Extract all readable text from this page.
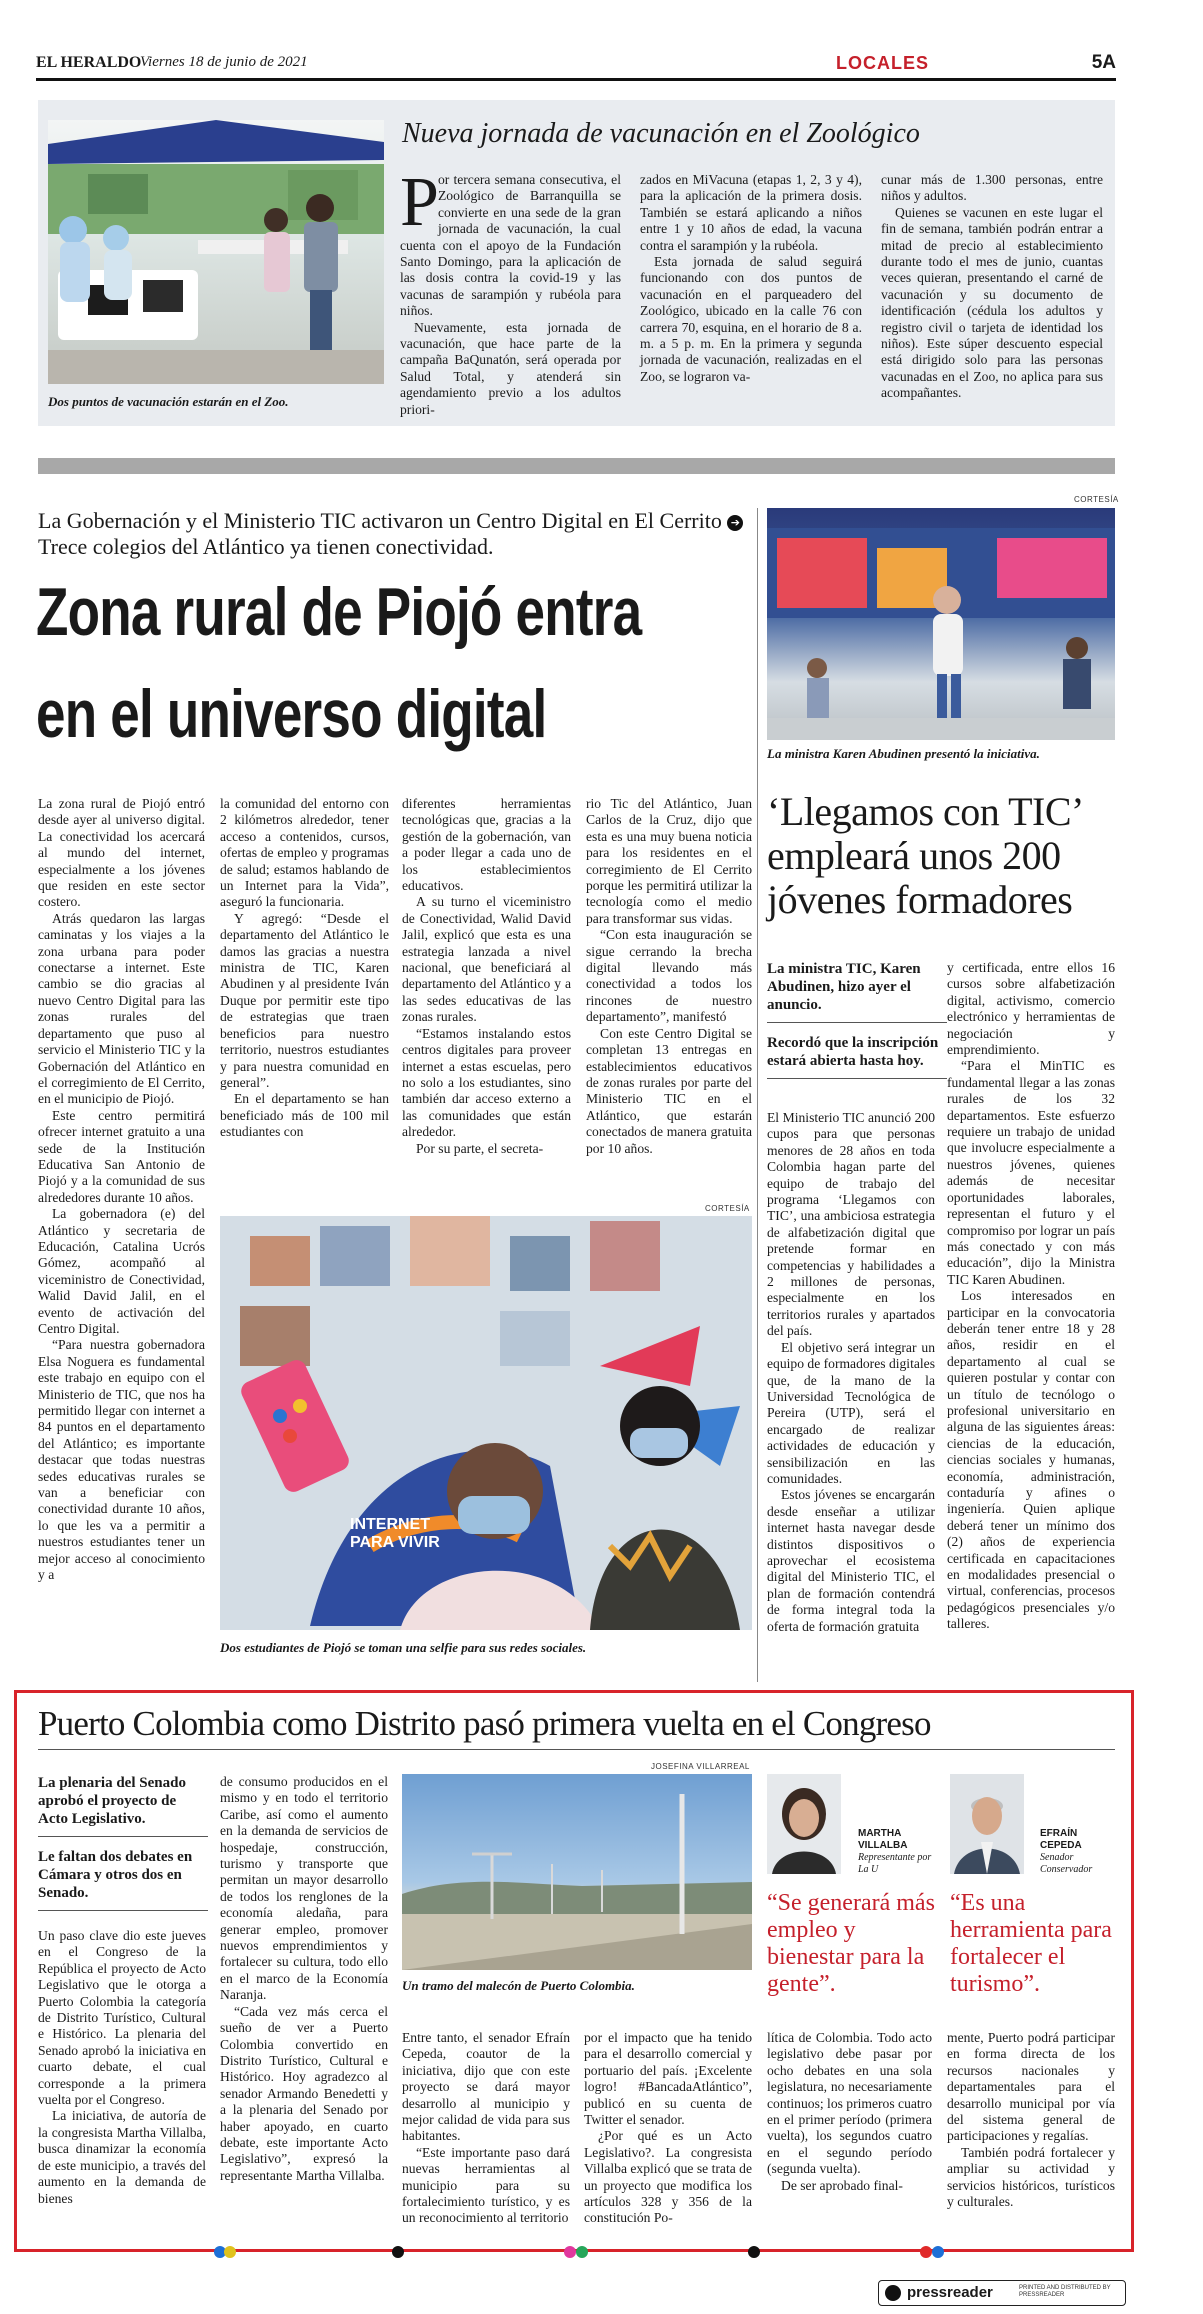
EL HERALDO
Viernes 18 de junio de 2021	LOCALES	5A
Dos puntos de vacunación estarán en el Zoo.
Nueva jornada de vacunación en el Zoológico
P or tercera semana consecutiva, el Zoológico de Barranquilla se convierte en una sede de la gran jornada de vacunación, la cual cuenta con el apoyo de la Fundación Santo Domingo, para la aplicación de las dosis contra la covid-19 y las vacunas de sarampión y rubéola para niños.

Nuevamente, esta jornada de vacunación, que hace parte de la campaña BaQunatón, será operada por Salud Total, y atenderá sin agendamiento previo a los adultos priori-

zados en MiVacuna (etapas 1, 2, 3 y 4), para la aplicación de la primera dosis. También se estará aplicando a niños entre 1 y 10 años de edad, la vacuna contra el sarampión y la rubéola.

Esta jornada de salud seguirá funcionando con dos puntos de vacunación en el parqueadero del Zoológico, ubicado en la calle 76 con carrera 70, esquina, en el horario de 8 a. m. a 5 p. m. En la primera y segunda jornada de vacunación, realizadas en el Zoo, se lograron va-

cunar más de 1.300 personas, entre niños y adultos.

Quienes se vacunen en este lugar el fin de semana, también podrán entrar a mitad de precio al establecimiento durante todo el mes de junio, cuantas veces quieran, presentando el carné de vacunación y su documento de identificación (cédula los adultos y registro civil o tarjeta de identidad los niños). Este súper descuento especial está dirigido solo para las personas vacunadas en el Zoo, no aplica para sus acompañantes.

La Gobernación y el Ministerio TIC activaron un Centro Digital en El Cerrito ➔ Trece colegios del Atlántico ya tienen conectividad.
Zona rural de Piojó entra
en el universo digital
CORTESÍA
La ministra Karen Abudinen presentó la iniciativa.

La zona rural de Piojó entró desde ayer al universo digital. La conectividad los acercará al mundo del internet, especialmente a los jóvenes que residen en este sector costero.

Atrás quedaron las largas caminatas y los viajes a la zona urbana para poder conectarse a internet. Este cambio se dio gracias al nuevo Centro Digital para las zonas rurales del departamento que puso al servicio el Ministerio TIC y la Gobernación del Atlántico en el corregimiento de El Cerrito, en el municipio de Piojó.

Este centro permitirá ofrecer internet gratuito a una sede de la Institución Educativa San Antonio de Piojó y a la comunidad de sus alrededores durante 10 años.

La gobernadora (e) del Atlántico y secretaria de Educación, Catalina Ucrós Gómez, acompañó al viceministro de Conectividad, Walid David Jalil, en el evento de activación del Centro Digital.

“Para nuestra gobernadora Elsa Noguera es fundamental este trabajo en equipo con el Ministerio de TIC, que nos ha permitido llegar con internet a 84 puntos en el departamento del Atlántico; es importante destacar que todas nuestras sedes educativas rurales se van a beneficiar con conectividad durante 10 años, lo que les va a permitir a nuestros estudiantes tener un mejor acceso al conocimiento y a

la comunidad del entorno con 2 kilómetros alrededor, tener acceso a contenidos, cursos, ofertas de empleo y programas de salud; estamos hablando de un Internet para la Vida”, aseguró la funcionaria.

Y agregó: “Desde el departamento del Atlántico le damos las gracias a nuestra ministra de TIC, Karen Abudinen y al presidente Iván Duque por permitir este tipo de estrategias que traen beneficios para nuestro territorio, nuestros estudiantes y para nuestra comunidad en general”.

En el departamento se han beneficiado más de 100 mil estudiantes con

diferentes herramientas tecnológicas que, gracias a la gestión de la gobernación, van a poder llegar a cada uno de los establecimientos educativos.

A su turno el viceministro de Conectividad, Walid David Jalil, explicó que esta es una estrategia lanzada a nivel nacional, que beneficiará al departamento del Atlántico y a las sedes educativas de las zonas rurales.

“Estamos instalando estos centros digitales para proveer internet a estas escuelas, pero no solo a los estudiantes, sino también dar acceso externo a las comunidades que están alrededor.

Por su parte, el secreta-

rio Tic del Atlántico, Juan Carlos de la Cruz, dijo que esta es una muy buena noticia para los residentes en el corregimiento de El Cerrito porque les permitirá utilizar la tecnología como el medio para transformar sus vidas.

“Con esta inauguración se sigue cerrando la brecha digital llevando más conectividad a todos los rincones de nuestro departamento”, manifestó

Con este Centro Digital se completan 13 entregas en establecimientos educativos de zonas rurales por parte del Ministerio TIC en el Atlántico, que estarán conectados de manera gratuita por 10 años.

CORTESÍA
INTERNET PARA VIVIR
Dos estudiantes de Piojó se toman una selfie para sus redes sociales.
‘Llegamos con TIC’ empleará unos 200 jóvenes formadores
La ministra TIC, Karen Abudinen, hizo ayer el anuncio.
Recordó que la inscripción estará abierta hasta hoy.

El Ministerio TIC anunció 200 cupos para que personas menores de 28 años en toda Colombia hagan parte del equipo de trabajo del programa ‘Llegamos con TIC’, una ambiciosa estrategia de alfabetización digital que pretende formar en competencias y habilidades a 2 millones de personas, especialmente en los territorios rurales y apartados del país.

El objetivo será integrar un equipo de formadores digitales que, de la mano de la Universidad Tecnológica de Pereira (UTP), será el encargado de realizar actividades de educación y sensibilización en las comunidades.

Estos jóvenes se encargarán desde enseñar a utilizar internet hasta navegar desde distintos dispositivos o aprovechar el ecosistema digital del Ministerio TIC, el plan de formación contendrá de forma integral toda la oferta de formación gratuita

y certificada, entre ellos 16 cursos sobre alfabetización digital, activismo, comercio electrónico y herramientas de negociación y emprendimiento.

“Para el MinTIC es fundamental llegar a las zonas rurales de los 32 departamentos. Este esfuerzo requiere un trabajo de unidad que involucre especialmente a nuestros jóvenes, quienes además de necesitar oportunidades laborales, representan el futuro y el compromiso por lograr un país más conectado y con más educación”, dijo la Ministra TIC Karen Abudinen.

Los interesados en participar en la convocatoria deberán tener entre 18 y 28 años, residir en el departamento al cual se quieren postular y contar con un título de tecnólogo o profesional universitario en alguna de las siguientes áreas: ciencias de la educación, ciencias sociales y humanas, economía, administración, contaduría y afines o ingeniería. Quien aplique deberá tener un mínimo dos (2) años de experiencia certificada en capacitaciones en modalidades presencial o virtual, conferencias, procesos pedagógicos presenciales y/o talleres.

Puerto Colombia como Distrito pasó primera vuelta en el Congreso
La plenaria del Senado aprobó el proyecto de Acto Legislativo.
Le faltan dos debates en Cámara y otros dos en Senado.

Un paso clave dio este jueves en el Congreso de la República el proyecto de Acto Legislativo que le otorga a Puerto Colombia la categoría de Distrito Turístico, Cultural e Histórico. La plenaria del Senado aprobó la iniciativa en cuarto debate, el cual corresponde a la primera vuelta por el Congreso.

La iniciativa, de autoría de la congresista Martha Villalba, busca dinamizar la economía de este municipio, a través del aumento en la demanda de bienes

de consumo producidos en el mismo y en todo el territorio Caribe, así como el aumento en la demanda de servicios de hospedaje, construcción, turismo y transporte que permitan un mayor desarrollo de todos los renglones de la economía aledaña, para generar empleo, promover nuevos emprendimientos y fortalecer su cultura, todo ello en el marco de la Economía Naranja.

“Cada vez más cerca el sueño de ver a Puerto Colombia convertido en Distrito Turístico, Cultural e Histórico. Hoy agradezco al senador Armando Benedetti y a la plenaria del Senado por haber apoyado, en cuarto debate, este importante Acto Legislativo”, expresó la representante Martha Villalba.

JOSEFINA VILLARREAL
Un tramo del malecón de Puerto Colombia.

Entre tanto, el senador Efraín Cepeda, coautor de la iniciativa, dijo que con este proyecto se dará mayor desarrollo al municipio y mejor calidad de vida para sus habitantes.

“Este importante paso dará nuevas herramientas al municipio para su fortalecimiento turístico, y es un reconocimiento al territorio

por el impacto que ha tenido para el desarrollo comercial y portuario del país. ¡Excelente logro! #BancadaAtlántico”, publicó en su cuenta de Twitter el senador.

¿Por qué es un Acto Legislativo?. La congresista Villalba explicó que se trata de un proyecto que modifica los artículos 328 y 356 de la constitución Po-

MARTHA VILLALBA
Representante por La U
“Se generará más empleo y bienestar para la gente”.
EFRAÍN CEPEDA
Senador Conservador
“Es una herramienta para fortalecer el turismo”.

lítica de Colombia. Todo acto legislativo debe pasar por ocho debates en una sola legislatura, no necesariamente continuos; los primeros cuatro en el primer período (primera vuelta), los segundos cuatro en el segundo período (segunda vuelta).

De ser aprobado final-

mente, Puerto podrá participar en forma directa de los recursos nacionales y departamentales para el desarrollo municipal por vía del sistema general de participaciones y regalías.

También podrá fortalecer y ampliar su actividad y servicios históricos, turísticos y culturales.

pressreader	PRINTED AND DISTRIBUTED BY PRESSREADER
